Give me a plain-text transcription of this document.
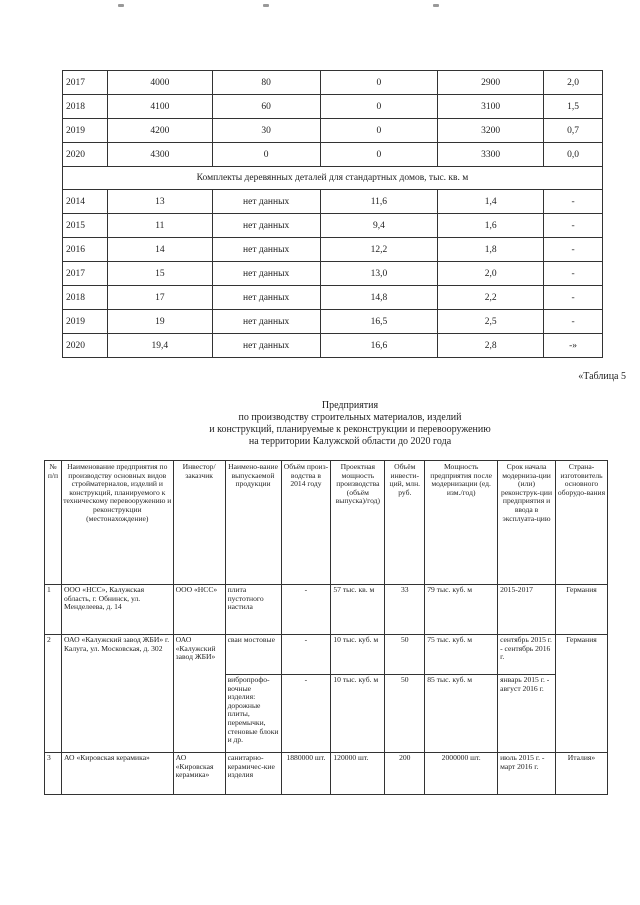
2017	4000	80	0	2900	2,0
2018	4100	60	0	3100	1,5
2019	4200	30	0	3200	0,7
2020	4300	0	0	3300	0,0
Комплекты деревянных деталей для стандартных домов, тыс. кв. м					
2014	13	нет данных	11,6	1,4	-
2015	11	нет данных	9,4	1,6	-
2016	14	нет данных	12,2	1,8	-
2017	15	нет данных	13,0	2,0	-
2018	17	нет данных	14,8	2,2	-
2019	19	нет данных	16,5	2,5	-
2020	19,4	нет данных	16,6	2,8	-»
«Таблица 5
Предприятия
по производству строительных материалов, изделий
и конструкций, планируемые к реконструкции и перевооружению
на территории Калужской области до 2020 года
№ п/п	Наименование предприятия по производству основных видов стройматериалов, изделий и конструкций, планируемого к техническому перевооружению и реконструкции (местонахождение)	Инвестор/ заказчик	Наимено-вание выпускаемой продукции	Объём произ-водства в 2014 году	Проектная мощность производства (объём выпуска)/год)	Объём инвести-ций, млн. руб.	Мощность предприятия после модернизации (ед. изм./год)	Срок начала модерниза-ции (или) реконструк-ции предприятия и ввода в эксплуата-цию	Страна-изготовитель основного оборудо-вания
1	ООО «НСС», Калужская область, г. Обнинск, ул. Менделеева, д. 14	ООО «НСС»	плита пустотного настила	-	57 тыс. кв. м	33	79 тыс. куб. м	2015-2017	Германия
2	ОАО «Калужский завод ЖБИ» г. Калуга, ул. Московская, д. 302	ОАО «Калужский завод ЖБИ»	сваи мостовые	-	10 тыс. куб. м	50	75 тыс. куб. м	сентябрь 2015 г. - сентябрь 2016 г.	Германия
			вибропрофо-вочные изделия: дорожные плиты, перемычки, стеновые блоки и др.	-	10 тыс. куб. м	50	85 тыс. куб. м	январь 2015 г. - август 2016 г.	
3	АО «Кировская керамика»	АО «Кировская керамика»	санитарно-керамичес-кие изделия	1880000 шт.	120000 шт.	200	2000000 шт.	июль 2015 г. - март 2016 г.	Италия»
